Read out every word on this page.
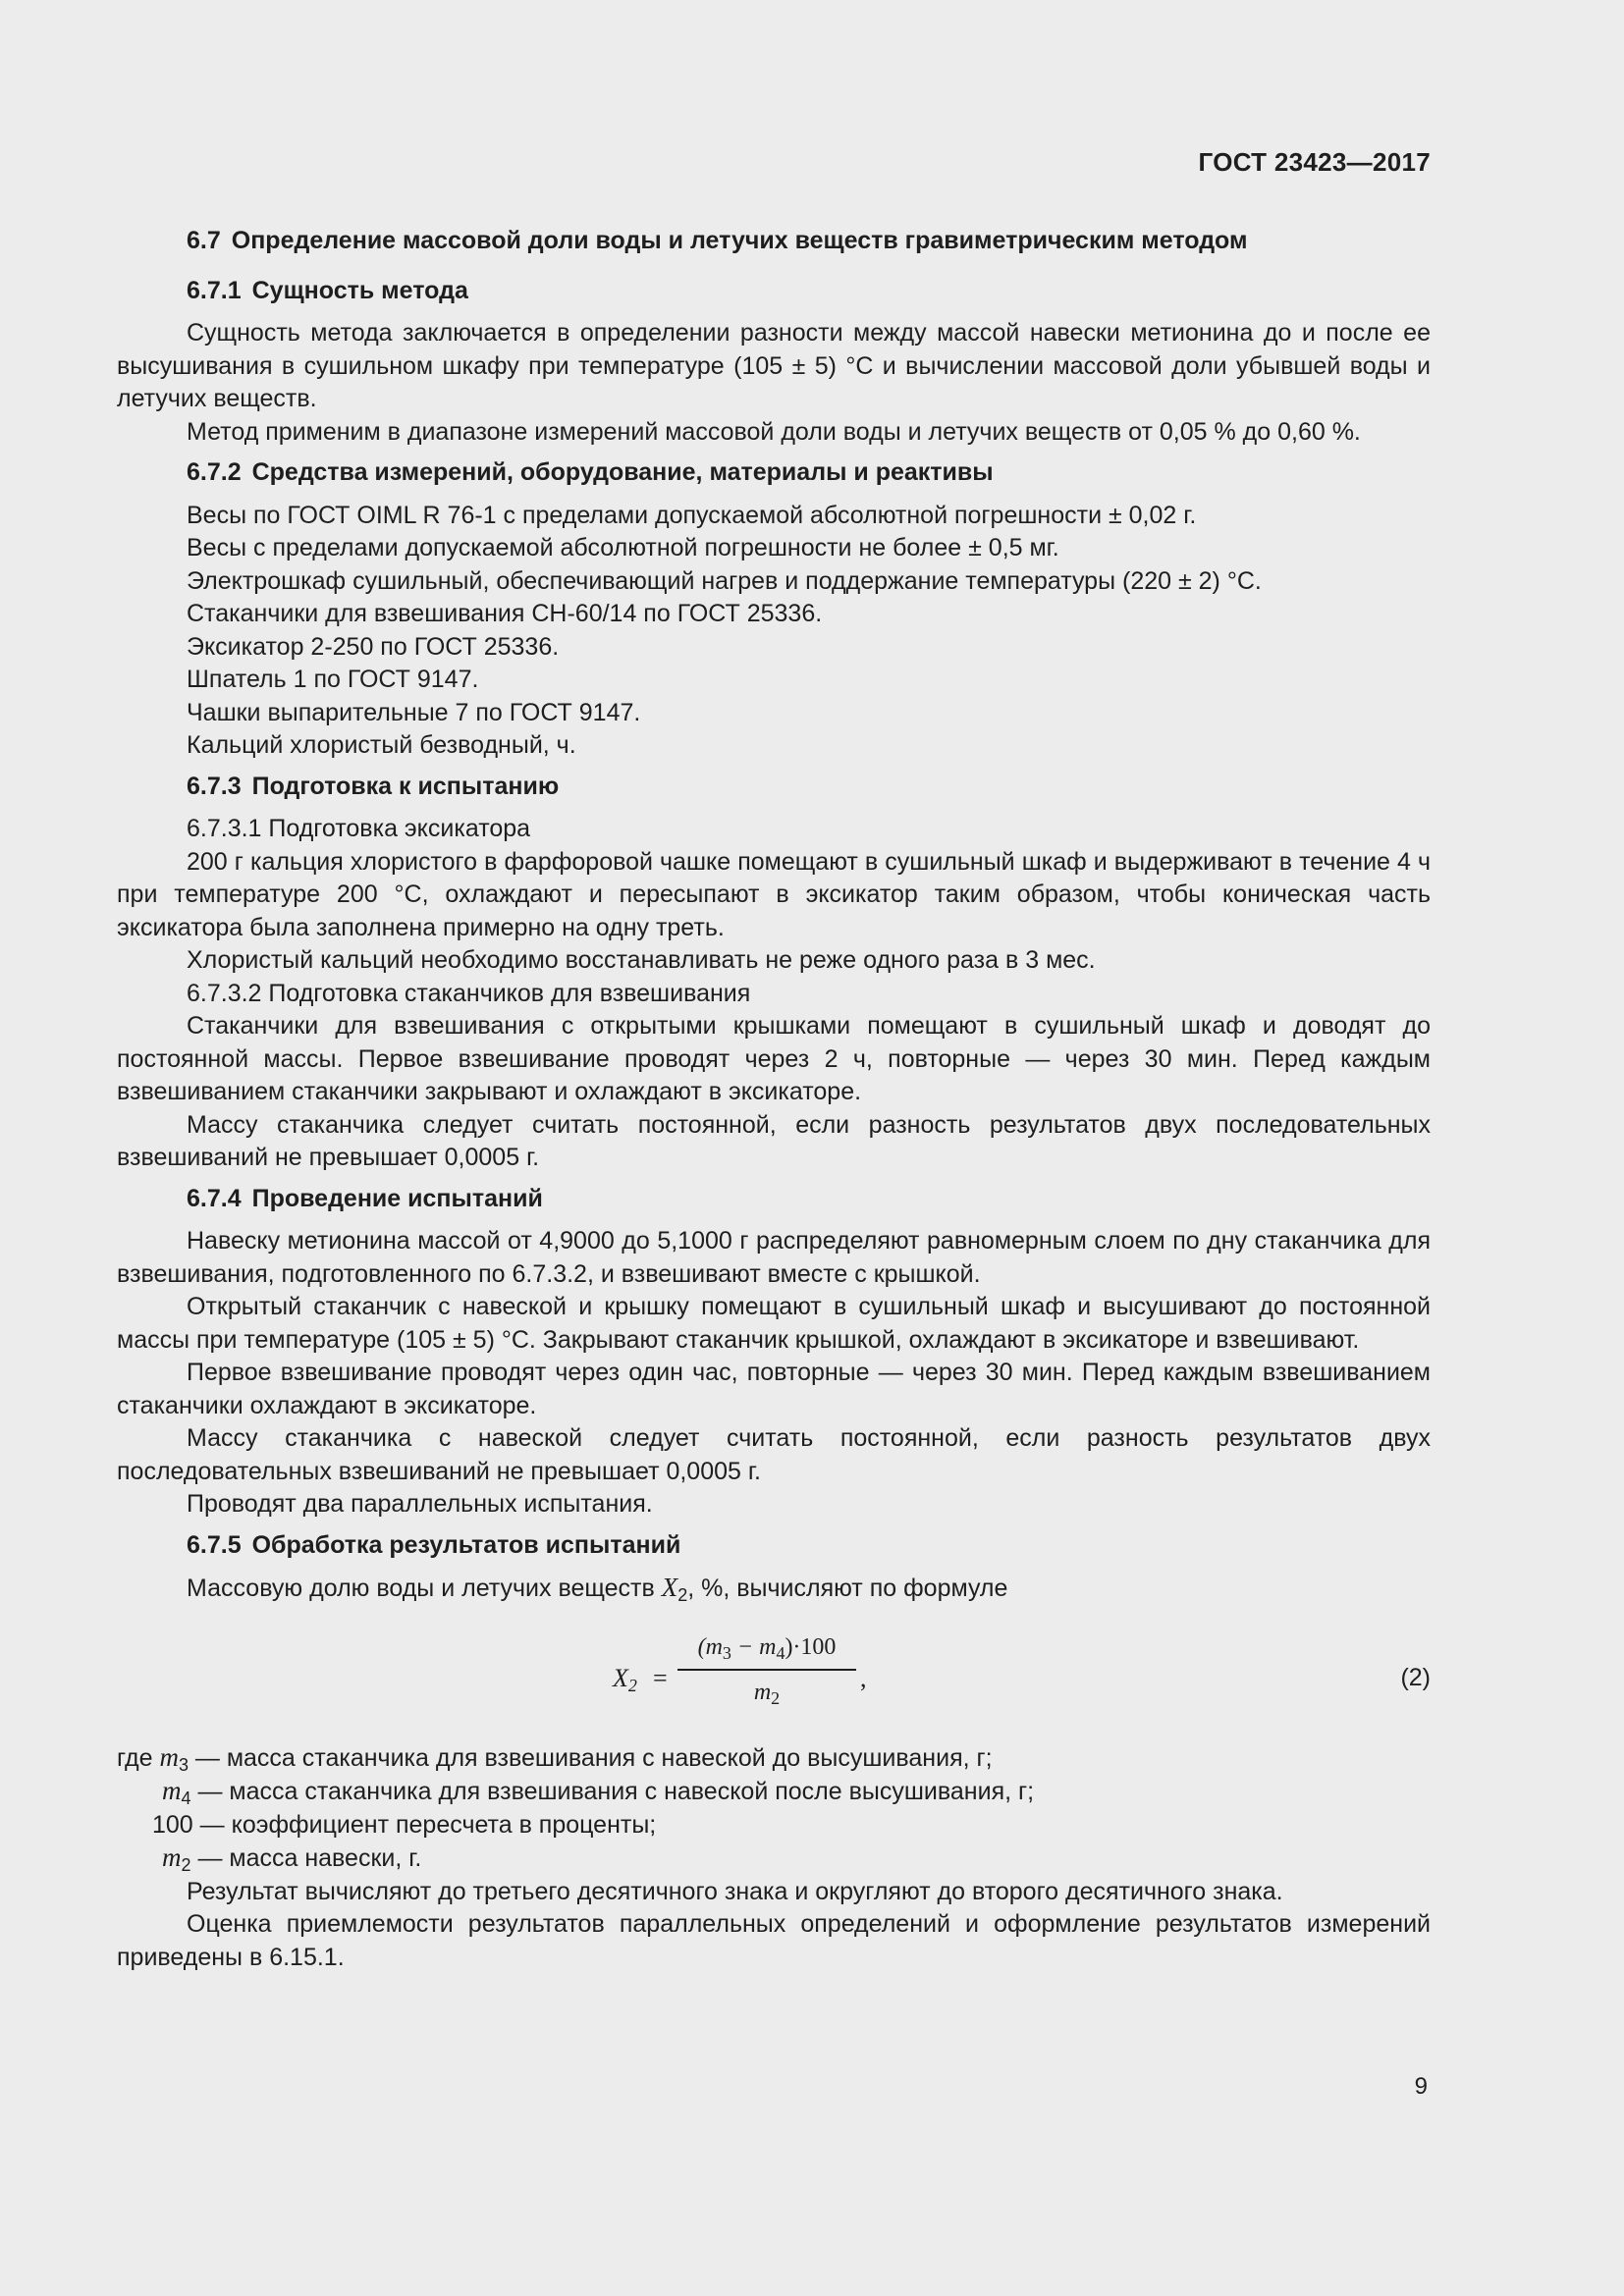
ГОСТ 23423—2017
6.7 Определение массовой доли воды и летучих веществ гравиметрическим методом
6.7.1 Сущность метода

Сущность метода заключается в определении разности между массой навески метионина до и после ее высушивания в сушильном шкафу при температуре (105 ± 5) °С и вычислении массовой доли убывшей воды и летучих веществ.

Метод применим в диапазоне измерений массовой доли воды и летучих веществ от 0,05 % до 0,60 %.

6.7.2 Средства измерений, оборудование, материалы и реактивы

Весы по ГОСТ OIML R 76-1 с пределами допускаемой абсолютной погрешности ± 0,02 г.

Весы с пределами допускаемой абсолютной погрешности не более ± 0,5 мг.

Электрошкаф сушильный, обеспечивающий нагрев и поддержание температуры (220 ± 2) °С.

Стаканчики для взвешивания СН-60/14 по ГОСТ 25336.

Эксикатор 2-250 по ГОСТ 25336.

Шпатель 1 по ГОСТ 9147.

Чашки выпарительные 7 по ГОСТ 9147.

Кальций хлористый безводный, ч.

6.7.3 Подготовка к испытанию

6.7.3.1 Подготовка эксикатора

200 г кальция хлористого в фарфоровой чашке помещают в сушильный шкаф и выдерживают в течение 4 ч при температуре 200 °С, охлаждают и пересыпают в эксикатор таким образом, чтобы коническая часть эксикатора была заполнена примерно на одну треть.

Хлористый кальций необходимо восстанавливать не реже одного раза в 3 мес.

6.7.3.2 Подготовка стаканчиков для взвешивания

Стаканчики для взвешивания с открытыми крышками помещают в сушильный шкаф и доводят до постоянной массы. Первое взвешивание проводят через 2 ч, повторные — через 30 мин. Перед каждым взвешиванием стаканчики закрывают и охлаждают в эксикаторе.

Массу стаканчика следует считать постоянной, если разность результатов двух последовательных взвешиваний не превышает 0,0005 г.

6.7.4 Проведение испытаний

Навеску метионина массой от 4,9000 до 5,1000 г распределяют равномерным слоем по дну стаканчика для взвешивания, подготовленного по 6.7.3.2, и взвешивают вместе с крышкой.

Открытый стаканчик с навеской и крышку помещают в сушильный шкаф и высушивают до постоянной массы при температуре (105 ± 5) °С. Закрывают стаканчик крышкой, охлаждают в эксикаторе и взвешивают.

Первое взвешивание проводят через один час, повторные — через 30 мин. Перед каждым взвешиванием стаканчики охлаждают в эксикаторе.

Массу стаканчика с навеской следует считать постоянной, если разность результатов двух последовательных взвешиваний не превышает 0,0005 г.

Проводят два параллельных испытания.

6.7.5 Обработка результатов испытаний

Массовую долю воды и летучих веществ $X_2$, %, вычисляют по формуле

$X_2$ =
$(m_3 - m_4)\cdot 100$
$m_2$
,	(2)

где $m_3$ — масса стаканчика для взвешивания с навеской до высушивания, г;

$m_4$ — масса стаканчика для взвешивания с навеской после высушивания, г;

100 — коэффициент пересчета в проценты;

$m_2$ — масса навески, г.

Результат вычисляют до третьего десятичного знака и округляют до второго десятичного знака.

Оценка приемлемости результатов параллельных определений и оформление результатов измерений приведены в 6.15.1.

9
